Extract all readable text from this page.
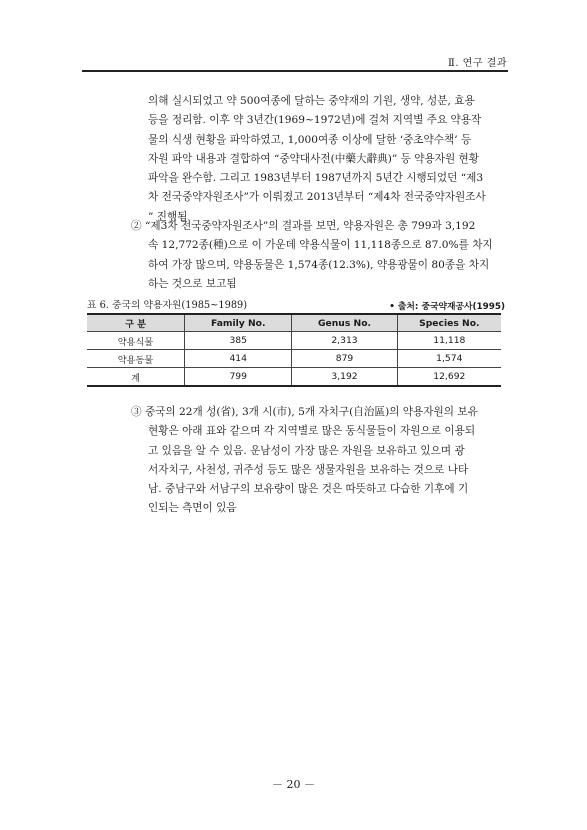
Ⅱ. 연구 결과
의해 실시되었고 약 500여종에 달하는 중약재의 기원, 생약, 성분, 효용
등을 정리함. 이후 약 3년간(1969~1972년)에 걸쳐 지역별 주요 약용작
물의 식생 현황을 파악하였고, 1,000여종 이상에 달한 ‘중초약수책’ 등
자원 파악 내용과 결합하여 “중약대사전(中藥大辭典)” 등 약용자원 현황
파악을 완수함. 그리고 1983년부터 1987년까지 5년간 시행되었던 “제3
차 전국중약자원조사”가 이뤄졌고 2013년부터 “제4차 전국중약자원조사
” 진행됨
② “제3차 전국중약자원조사”의 결과를 보면, 약용자원은 총 799과 3,192
속 12,772종(種)으로 이 가운데 약용식물이 11,118종으로 87.0%를 차지
하여 가장 많으며, 약용동물은 1,574종(12.3%), 약용광물이 80종을 차지
하는 것으로 보고됨
표 6. 중국의 약용자원(1985~1989)	• 출처: 중국약재공사(1995)
구 분	Family No.	Genus No.	Species No.
약용식물	385	2,313	11,118
약용동물	414	879	1,574
계	799	3,192	12,692
③ 중국의 22개 성(省), 3개 시(市), 5개 자치구(自治區)의 약용자원의 보유
현황은 아래 표와 같으며 각 지역별로 많은 동식물들이 자원으로 이용되
고 있음을 알 수 있음. 운남성이 가장 많은 자원을 보유하고 있으며 광
서자치구, 사천성, 귀주성 등도 많은 생물자원을 보유하는 것으로 나타
남. 중남구와 서남구의 보유량이 많은 것은 따뜻하고 다습한 기후에 기
인되는 측면이 있음
－ 20 －
